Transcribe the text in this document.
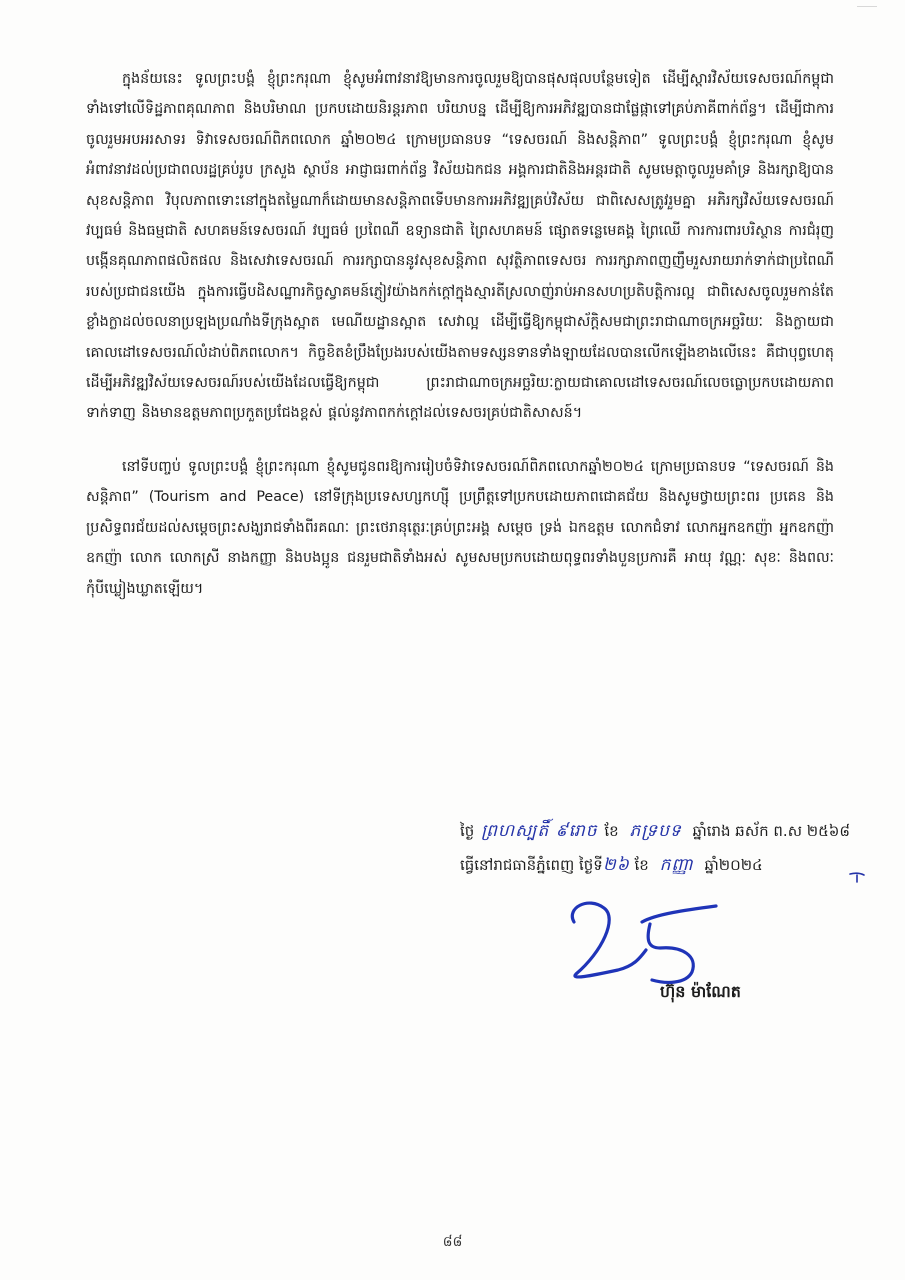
ក្នុងន័យនេះ ទូលព្រះបង្គំ ខ្ញុំព្រះករុណា ខ្ញុំសូមអំពាវនាវឱ្យមានការចូលរួមឱ្យបានផុសផុលបន្ថែមទៀត ដើម្បីស្តារវិស័យទេសចរណ៍កម្ពុជា ទាំងទៅលើទិដ្ឋភាពគុណភាព និងបរិមាណ ប្រកបដោយនិរន្តរភាព បរិយាបន្ន ដើម្បីឱ្យការអភិវឌ្ឍបានជាផ្លែផ្កាទៅគ្រប់ភាគីពាក់ព័ន្ធ។ ដើម្បីជាការចូលរួមអបអរសាទរ ទិវាទេសចរណ៍ពិភពលោក ឆ្នាំ២០២៤ ក្រោមប្រធានបទ “ទេសចរណ៍ និងសន្តិភាព” ទូលព្រះបង្គំ ខ្ញុំព្រះករុណា ខ្ញុំសូមអំពាវនាវដល់ប្រជាពលរដ្ឋគ្រប់រូប ក្រសួង ស្ថាប័ន អាជ្ញាធរពាក់ព័ន្ធ វិស័យឯកជន អង្គការជាតិនិងអន្តរជាតិ សូមមេត្តាចូលរួមគាំទ្រ និងរក្សាឱ្យបានសុខសន្តិភាព វិបុលភាពទោះនៅក្នុងតម្លៃណាក៏ដោយមានសន្តិភាពទើបមានការអភិវឌ្ឍគ្រប់វិស័យ ជាពិសេសត្រូវរួមគ្នា អភិរក្សវិស័យទេសចរណ៍វប្បធម៌ និងធម្មជាតិ សហគមន៍ទេសចរណ៍ វប្បធម៌ ប្រពៃណី ឧទ្យានជាតិ ព្រៃសហគមន៍ ផ្សោតទន្លេមេគង្គ ព្រៃឈើ ការការពារបរិស្ថាន ការជំរុញបង្កើនគុណភាពផលិតផល និងសេវាទេសចរណ៍ ការរក្សាបាននូវសុខសន្តិភាព សុវត្ថិភាពទេសចរ ការរក្សាភាពញញឹមរួសរាយរាក់ទាក់ជាប្រពៃណីរបស់ប្រជាជនយើង ក្នុងការធ្វើបដិសណ្ឋារកិច្ចស្វាគមន៍ភ្ញៀវយ៉ាងកក់ក្តៅក្នុងស្មារតីស្រលាញ់រាប់អានសហប្រតិបត្តិការល្អ ជាពិសេសចូលរួមកាន់តែខ្លាំងក្លាដល់ចលនាប្រឡងប្រណាំងទីក្រុងស្អាត មេណីយដ្ឋានស្អាត សេវាល្អ ដើម្បីធ្វើឱ្យកម្ពុជាស័ក្តិសមជាព្រះរាជាណាចក្រអច្ឆរិយៈ និងក្លាយជាគោលដៅទេសចរណ៍លំដាប់ពិភពលោក។ កិច្ចខិតខំប្រឹងប្រែងរបស់យើងតាមទស្សនទានទាំងឡាយដែលបានលើកឡើងខាងលើនេះ គឺជាបុព្វហេតុដើម្បីអភិវឌ្ឍវិស័យទេសចរណ៍របស់យើងដែលធ្វើឱ្យកម្ពុជា ព្រះរាជាណាចក្រអច្ឆរិយៈក្លាយជាគោលដៅទេសចរណ៍លេចធ្លោប្រកបដោយភាពទាក់ទាញ និងមានឧត្តមភាពប្រកួតប្រជែងខ្ពស់ ផ្តល់នូវភាពកក់ក្តៅដល់ទេសចរគ្រប់ជាតិសាសន៍។

នៅទីបញ្ចប់ ទូលព្រះបង្គំ ខ្ញុំព្រះករុណា ខ្ញុំសូមជូនពរឱ្យការរៀបចំទិវាទេសចរណ៍ពិភពលោកឆ្នាំ២០២៤ ក្រោមប្រធានបទ “ទេសចរណ៍ និងសន្តិភាព” (Tourism and Peace) នៅទីក្រុងប្រទេសហ្សកហ្ស៊ី ប្រព្រឹត្តទៅប្រកបដោយភាពជោគជ័យ និងសូមថ្វាយព្រះពរ ប្រគេន និងប្រសិទ្ធពរជ័យដល់សម្តេចព្រះសង្ឃរាជទាំងពីរគណៈ ព្រះថេរានុត្ថេរៈគ្រប់ព្រះអង្គ សម្តេច ទ្រង់ ឯកឧត្តម លោកជំទាវ លោកអ្នកឧកញ៉ា អ្នកឧកញ៉ា ឧកញ៉ា លោក លោកស្រី នាងកញ្ញា និងបងប្អូន ជនរួមជាតិទាំងអស់ សូមសមប្រកបដោយពុទ្ធពរទាំងបួនប្រការគឺ អាយុ វណ្ណៈ សុខៈ និងពលៈ កុំបីឃ្លៀងឃ្លាតឡើយ។

ថ្ងៃ ព្រហស្បតិ៍ ៩រោច ខែ ភទ្របទ ឆ្នាំរោង ឆស័ក ព.ស ២៥៦៨
ធ្វើនៅរាជធានីភ្នំពេញ ថ្ងៃទី២៦ ខែ កញ្ញា ឆ្នាំ២០២៤
ហ៊ុន ម៉ាណែត
៨៨
